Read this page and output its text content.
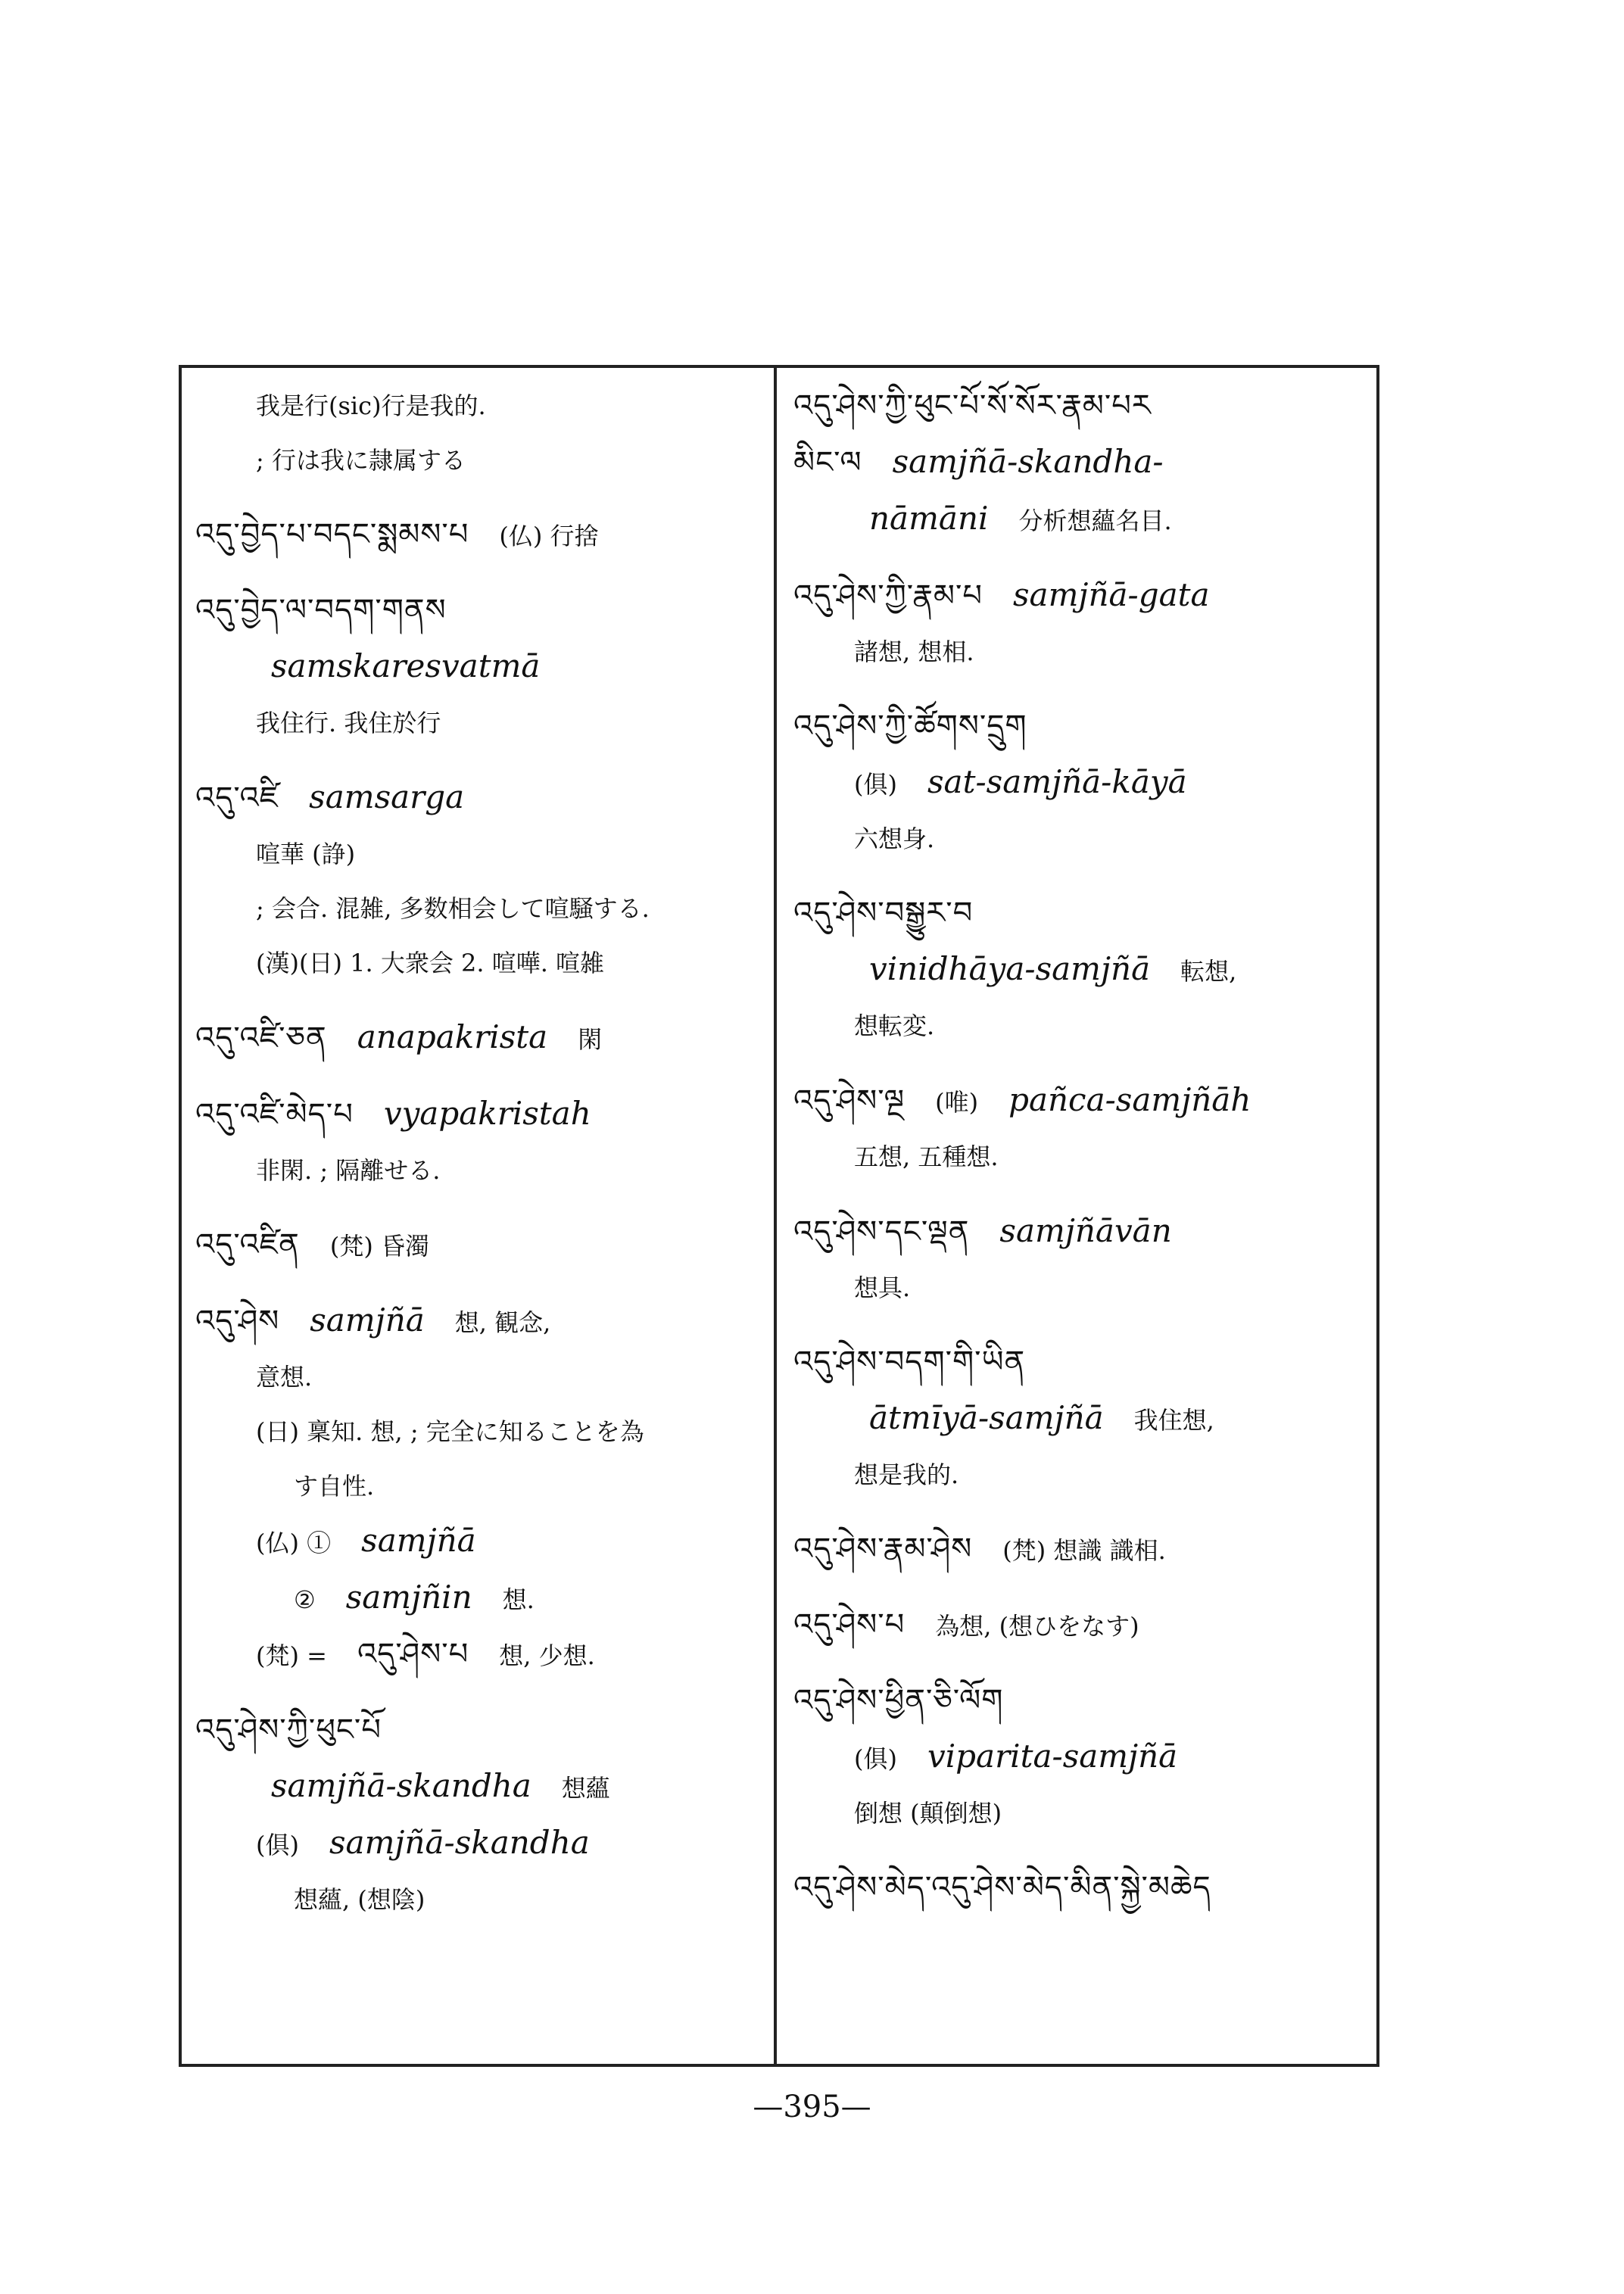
我是行(sic)行是我的.
; 行は我に隷属する
འདུ་བྱེད་པ་བདང་སྨམས་པ (仏) 行捨
འདུ་བྱེད་ལ་བདག་གནས
samskaresvatmā
我住行. 我住於行
འདུ་འཛི samsarga
喧華 (諍)
; 会合. 混雑, 多数相会して喧騒する.
(漢)(日) 1. 大衆会 2. 喧嘩. 喧雑
འདུ་འཛི་ཅན anapakrista 閑
འདུ་འཛི་མེད་པ vyapakristah
非閑. ; 隔離せる.
འདུ་འཛིན (梵) 昏濁
འདུ་ཤེས samjñā 想, 観念,
意想.
(日) 稟知. 想, ; 完全に知ることを為
す自性.
(仏) ① samjñā
② samjñin 想.
(梵) = འདུ་ཤེས་པ 想, 少想.
འདུ་ཤེས་ཀྱི་ཕུང་པོ
samjñā-skandha 想蘊
(俱) samjñā-skandha
想蘊, (想陰)
འདུ་ཤེས་ཀྱི་ཕུང་པོ་སོ་སོར་རྣམ་པར
མིང་ལ samjñā-skandha-
nāmāni 分析想蘊名目.
འདུ་ཤེས་ཀྱི་རྣམ་པ samjñā-gata
諸想, 想相.
འདུ་ཤེས་ཀྱི་ཚོགས་དྲུག
(俱) sat-samjñā-kāyā
六想身.
འདུ་ཤེས་བསྒྱུར་བ
vinidhāya-samjñā 転想,
想転変.
འདུ་ཤེས་ལྔ (唯) pañca-samjñāh
五想, 五種想.
འདུ་ཤེས་དང་ལྡན samjñāvān
想具.
འདུ་ཤེས་བདག་གི་ཡིན
ātmīyā-samjñā 我住想,
想是我的.
འདུ་ཤེས་རྣམ་ཤེས (梵) 想識 識相.
འདུ་ཤེས་པ 為想, (想ひをなす)
འདུ་ཤེས་ཕྱིན་ཅི་ལོག
(俱) viparita-samjñā
倒想 (顛倒想)
འདུ་ཤེས་མེད་འདུ་ཤེས་མེད་མིན་སྐྱེ་མཆེད
—395—
